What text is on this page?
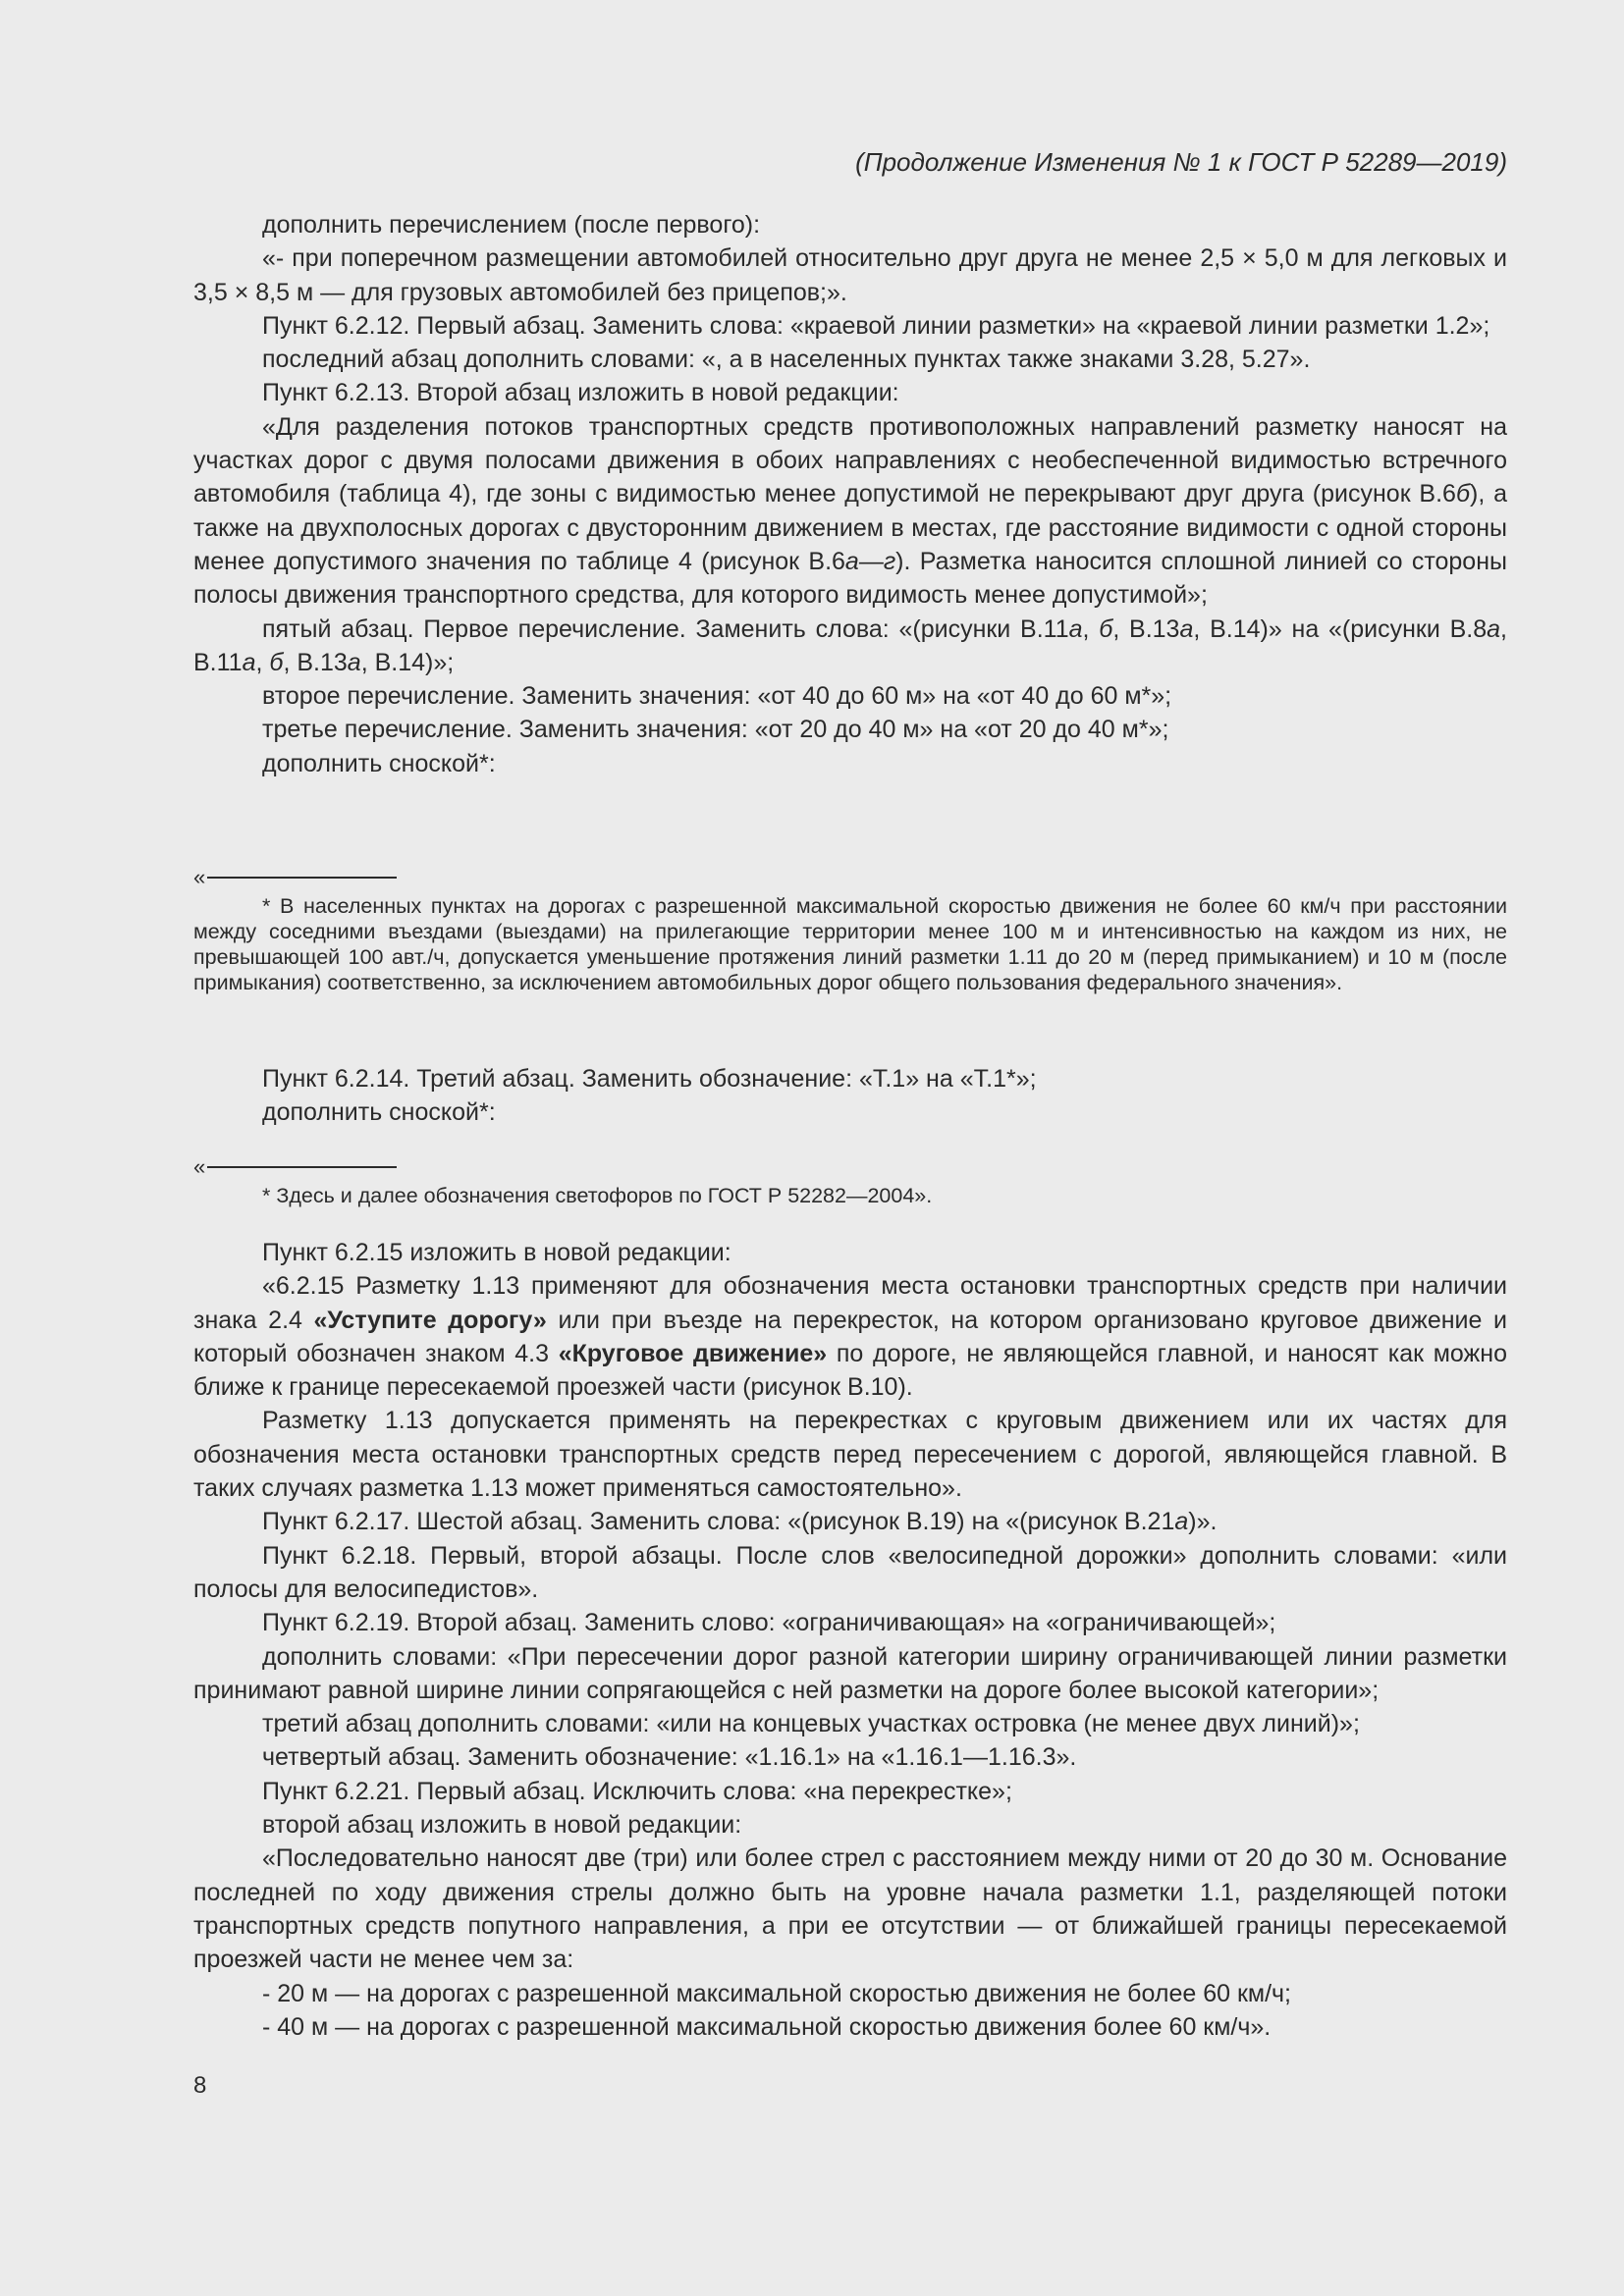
(Продолжение Изменения № 1 к ГОСТ Р 52289—2019)

дополнить перечислением (после первого):

«- при поперечном размещении автомобилей относительно друг друга не менее 2,5 × 5,0 м для легковых и 3,5 × 8,5 м — для грузовых автомобилей без прицепов;».

Пункт 6.2.12. Первый абзац. Заменить слова: «краевой линии разметки» на «краевой линии разметки 1.2»;

последний абзац дополнить словами: «, а в населенных пунктах также знаками 3.28, 5.27».

Пункт 6.2.13. Второй абзац изложить в новой редакции:

«Для разделения потоков транспортных средств противоположных направлений разметку наносят на участках дорог с двумя полосами движения в обоих направлениях с необеспеченной видимостью встречного автомобиля (таблица 4), где зоны с видимостью менее допустимой не перекрывают друг друга (рисунок В.6б), а также на двухполосных дорогах с двусторонним движением в местах, где расстояние видимости с одной стороны менее допустимого значения по таблице 4 (рисунок В.6а—г). Разметка наносится сплошной линией со стороны полосы движения транспортного средства, для которого видимость менее допустимой»;

пятый абзац. Первое перечисление. Заменить слова: «(рисунки В.11а, б, В.13а, В.14)» на «(рисунки В.8а, В.11а, б, В.13а, В.14)»;

второе перечисление. Заменить значения: «от 40 до 60 м» на «от 40 до 60 м*»;

третье перечисление. Заменить значения: «от 20 до 40 м» на «от 20 до 40 м*»;

дополнить сноской*:

«

* В населенных пунктах на дорогах с разрешенной максимальной скоростью движения не более 60 км/ч при расстоянии между соседними въездами (выездами) на прилегающие территории менее 100 м и интенсивностью на каждом из них, не превышающей 100 авт./ч, допускается уменьшение протяжения линий разметки 1.11 до 20 м (перед примыканием) и 10 м (после примыкания) соответственно, за исключением автомобильных дорог общего пользования федерального значения».

Пункт 6.2.14. Третий абзац. Заменить обозначение: «Т.1» на «Т.1*»;

дополнить сноской*:

«

* Здесь и далее обозначения светофоров по ГОСТ Р 52282—2004».

Пункт 6.2.15 изложить в новой редакции:

«6.2.15 Разметку 1.13 применяют для обозначения места остановки транспортных средств при наличии знака 2.4 «Уступите дорогу» или при въезде на перекресток, на котором организовано круговое движение и который обозначен знаком 4.3 «Круговое движение» по дороге, не являющейся главной, и наносят как можно ближе к границе пересекаемой проезжей части (рисунок В.10).

Разметку 1.13 допускается применять на перекрестках с круговым движением или их частях для обозначения места остановки транспортных средств перед пересечением с дорогой, являющейся главной. В таких случаях разметка 1.13 может применяться самостоятельно».

Пункт 6.2.17. Шестой абзац. Заменить слова: «(рисунок В.19) на «(рисунок В.21а)».

Пункт 6.2.18. Первый, второй абзацы. После слов «велосипедной дорожки» дополнить словами: «или полосы для велосипедистов».

Пункт 6.2.19. Второй абзац. Заменить слово: «ограничивающая» на «ограничивающей»;

дополнить словами: «При пересечении дорог разной категории ширину ограничивающей линии разметки принимают равной ширине линии сопрягающейся с ней разметки на дороге более высокой категории»;

третий абзац дополнить словами: «или на концевых участках островка (не менее двух линий)»;

четвертый абзац. Заменить обозначение: «1.16.1» на «1.16.1—1.16.3».

Пункт 6.2.21. Первый абзац. Исключить слова: «на перекрестке»;

второй абзац изложить в новой редакции:

«Последовательно наносят две (три) или более стрел с расстоянием между ними от 20 до 30 м. Основание последней по ходу движения стрелы должно быть на уровне начала разметки 1.1, разделяющей потоки транспортных средств попутного направления, а при ее отсутствии — от ближайшей границы пересекаемой проезжей части не менее чем за:

- 20 м — на дорогах с разрешенной максимальной скоростью движения не более 60 км/ч;

- 40 м — на дорогах с разрешенной максимальной скоростью движения более 60 км/ч».

8
